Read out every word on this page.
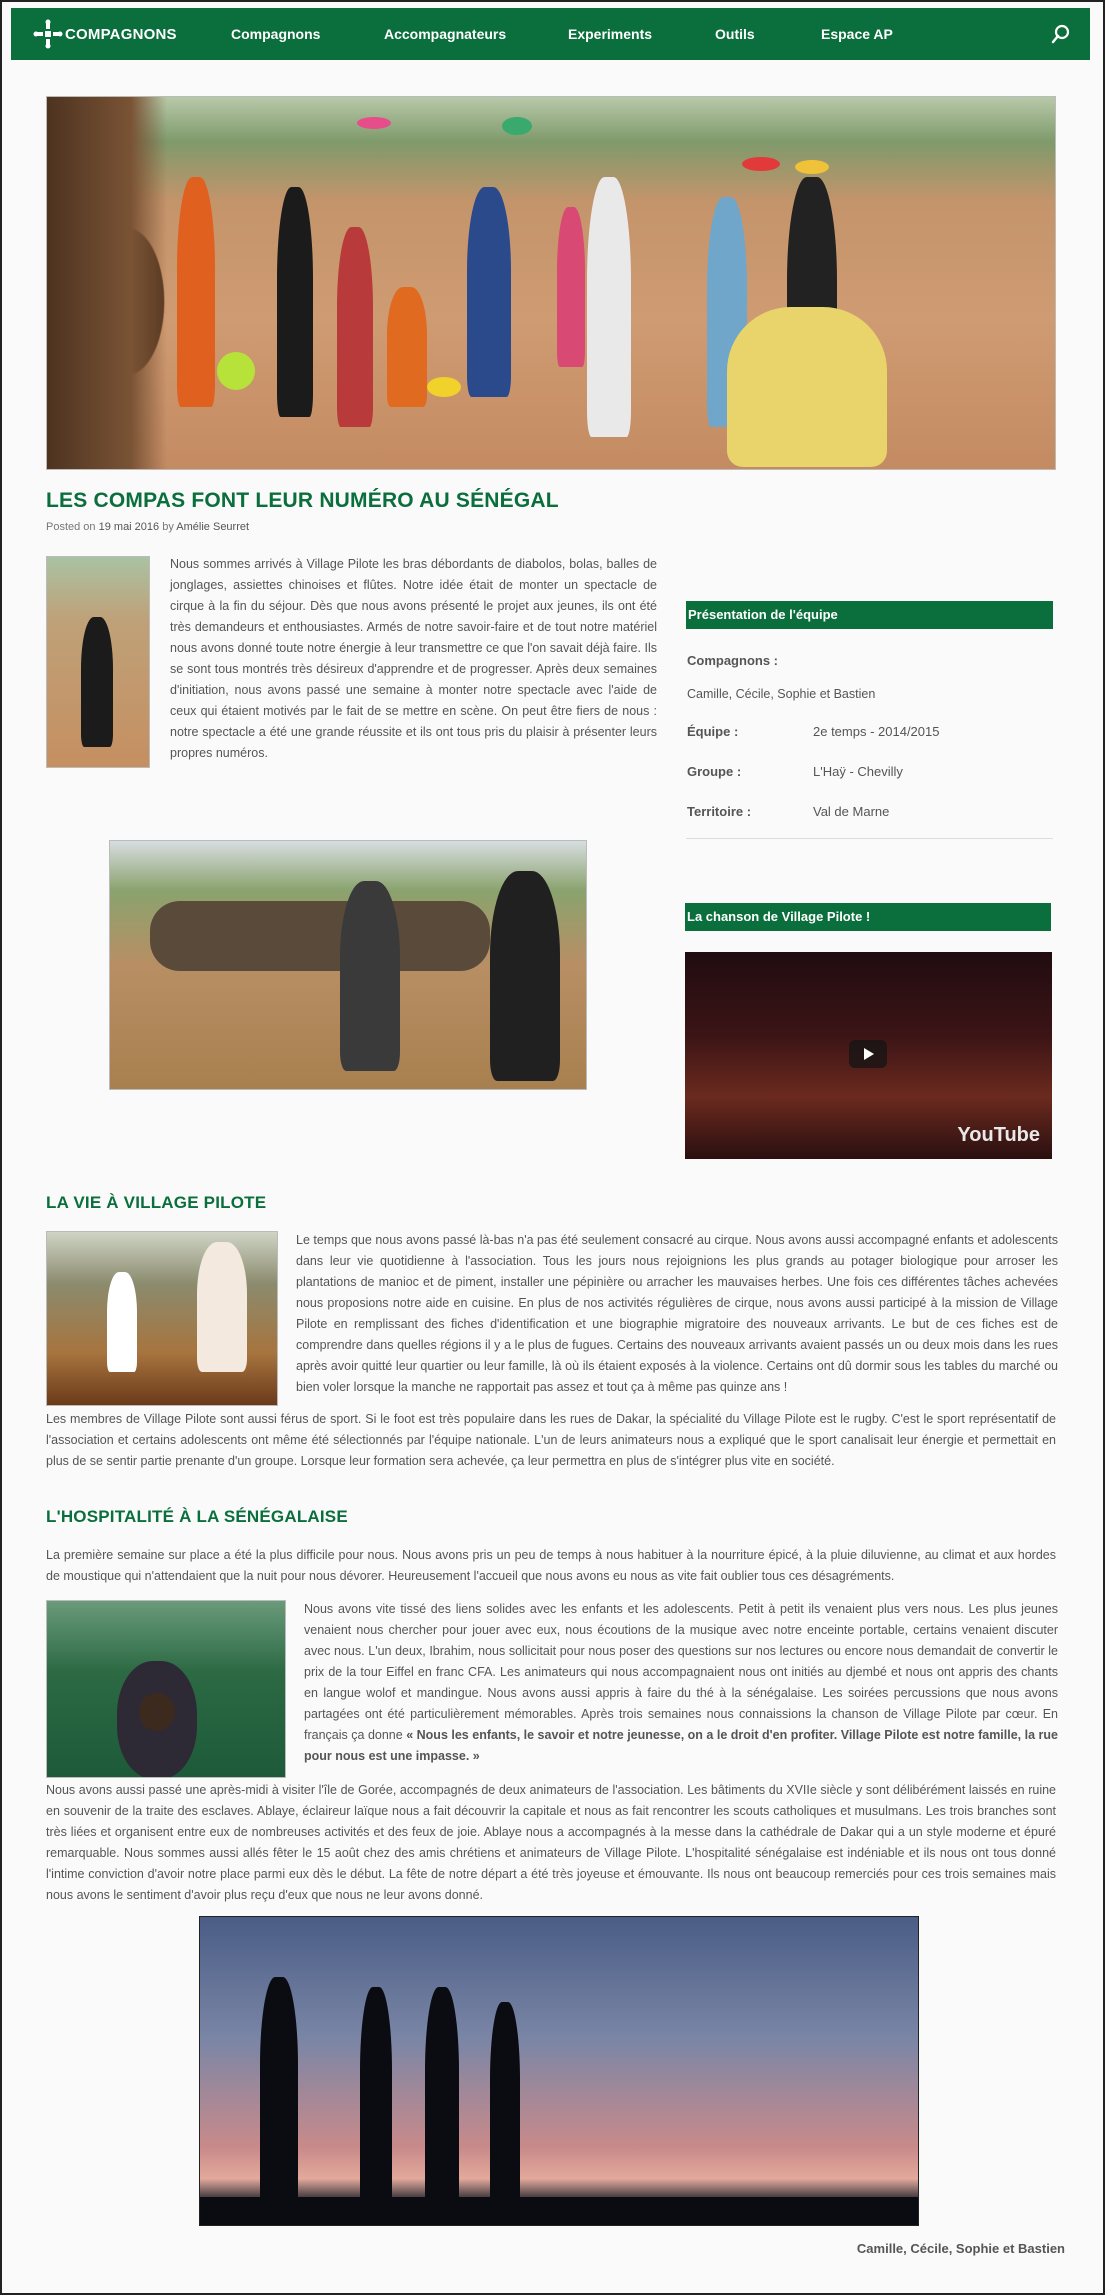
COMPAGNONS	Compagnons	Accompagnateurs	Experiments	Outils	Espace AP
LES COMPAS FONT LEUR NUMÉRO AU SÉNÉGAL
Posted on 19 mai 2016 by Amélie Seurret

Nous sommes arrivés à Village Pilote les bras débordants de diabolos, bolas, balles de jonglages, assiettes chinoises et flûtes. Notre idée était de monter un spectacle de cirque à la fin du séjour. Dès que nous avons présenté le projet aux jeunes, ils ont été très demandeurs et enthousiastes. Armés de notre savoir-faire et de tout notre matériel nous avons donné toute notre énergie à leur transmettre ce que l'on savait déjà faire. Ils se sont tous montrés très désireux d'apprendre et de progresser. Après deux semaines d'initiation, nous avons passé une semaine à monter notre spectacle avec l'aide de ceux qui étaient motivés par le fait de se mettre en scène. On peut être fiers de nous : notre spectacle a été une grande réussite et ils ont tous pris du plaisir à présenter leurs propres numéros.

Présentation de l'équipe
Compagnons :
Camille, Cécile, Sophie et Bastien
Équipe :	2e temps - 2014/2015
Groupe :	L'Haÿ - Chevilly
Territoire :	Val de Marne
La chanson de Village Pilote !
YouTube
LA VIE À VILLAGE PILOTE

Le temps que nous avons passé là-bas n'a pas été seulement consacré au cirque. Nous avons aussi accompagné enfants et adolescents dans leur vie quotidienne à l'association. Tous les jours nous rejoignions les plus grands au potager biologique pour arroser les plantations de manioc et de piment, installer une pépinière ou arracher les mauvaises herbes. Une fois ces différentes tâches achevées nous proposions notre aide en cuisine. En plus de nos activités régulières de cirque, nous avons aussi participé à la mission de Village Pilote en remplissant des fiches d'identification et une biographie migratoire des nouveaux arrivants. Le but de ces fiches est de comprendre dans quelles régions il y a le plus de fugues. Certains des nouveaux arrivants avaient passés un ou deux mois dans les rues après avoir quitté leur quartier ou leur famille, là où ils étaient exposés à la violence. Certains ont dû dormir sous les tables du marché ou bien voler lorsque la manche ne rapportait pas assez et tout ça à même pas quinze ans !

Les membres de Village Pilote sont aussi férus de sport. Si le foot est très populaire dans les rues de Dakar, la spécialité du Village Pilote est le rugby. C'est le sport représentatif de l'association et certains adolescents ont même été sélectionnés par l'équipe nationale. L'un de leurs animateurs nous a expliqué que le sport canalisait leur énergie et permettait en plus de se sentir partie prenante d'un groupe. Lorsque leur formation sera achevée, ça leur permettra en plus de s'intégrer plus vite en société.

L'HOSPITALITÉ À LA SÉNÉGALAISE

La première semaine sur place a été la plus difficile pour nous. Nous avons pris un peu de temps à nous habituer à la nourriture épicé, à la pluie diluvienne, au climat et aux hordes de moustique qui n'attendaient que la nuit pour nous dévorer. Heureusement l'accueil que nous avons eu nous as vite fait oublier tous ces désagréments.

Nous avons vite tissé des liens solides avec les enfants et les adolescents. Petit à petit ils venaient plus vers nous. Les plus jeunes venaient nous chercher pour jouer avec eux, nous écoutions de la musique avec notre enceinte portable, certains venaient discuter avec nous. L'un deux, Ibrahim, nous sollicitait pour nous poser des questions sur nos lectures ou encore nous demandait de convertir le prix de la tour Eiffel en franc CFA. Les animateurs qui nous accompagnaient nous ont initiés au djembé et nous ont appris des chants en langue wolof et mandingue. Nous avons aussi appris à faire du thé à la sénégalaise. Les soirées percussions que nous avons partagées ont été particulièrement mémorables. Après trois semaines nous connaissions la chanson de Village Pilote par cœur. En français ça donne « Nous les enfants, le savoir et notre jeunesse, on a le droit d'en profiter. Village Pilote est notre famille, la rue pour nous est une impasse. »

Nous avons aussi passé une après-midi à visiter l'île de Gorée, accompagnés de deux animateurs de l'association. Les bâtiments du XVIIe siècle y sont délibérément laissés en ruine en souvenir de la traite des esclaves. Ablaye, éclaireur laïque nous a fait découvrir la capitale et nous as fait rencontrer les scouts catholiques et musulmans. Les trois branches sont très liées et organisent entre eux de nombreuses activités et des feux de joie. Ablaye nous a accompagnés à la messe dans la cathédrale de Dakar qui a un style moderne et épuré remarquable. Nous sommes aussi allés fêter le 15 août chez des amis chrétiens et animateurs de Village Pilote. L'hospitalité sénégalaise est indéniable et ils nous ont tous donné l'intime conviction d'avoir notre place parmi eux dès le début. La fête de notre départ a été très joyeuse et émouvante. Ils nous ont beaucoup remerciés pour ces trois semaines mais nous avons le sentiment d'avoir plus reçu d'eux que nous ne leur avons donné.

Camille, Cécile, Sophie et Bastien
